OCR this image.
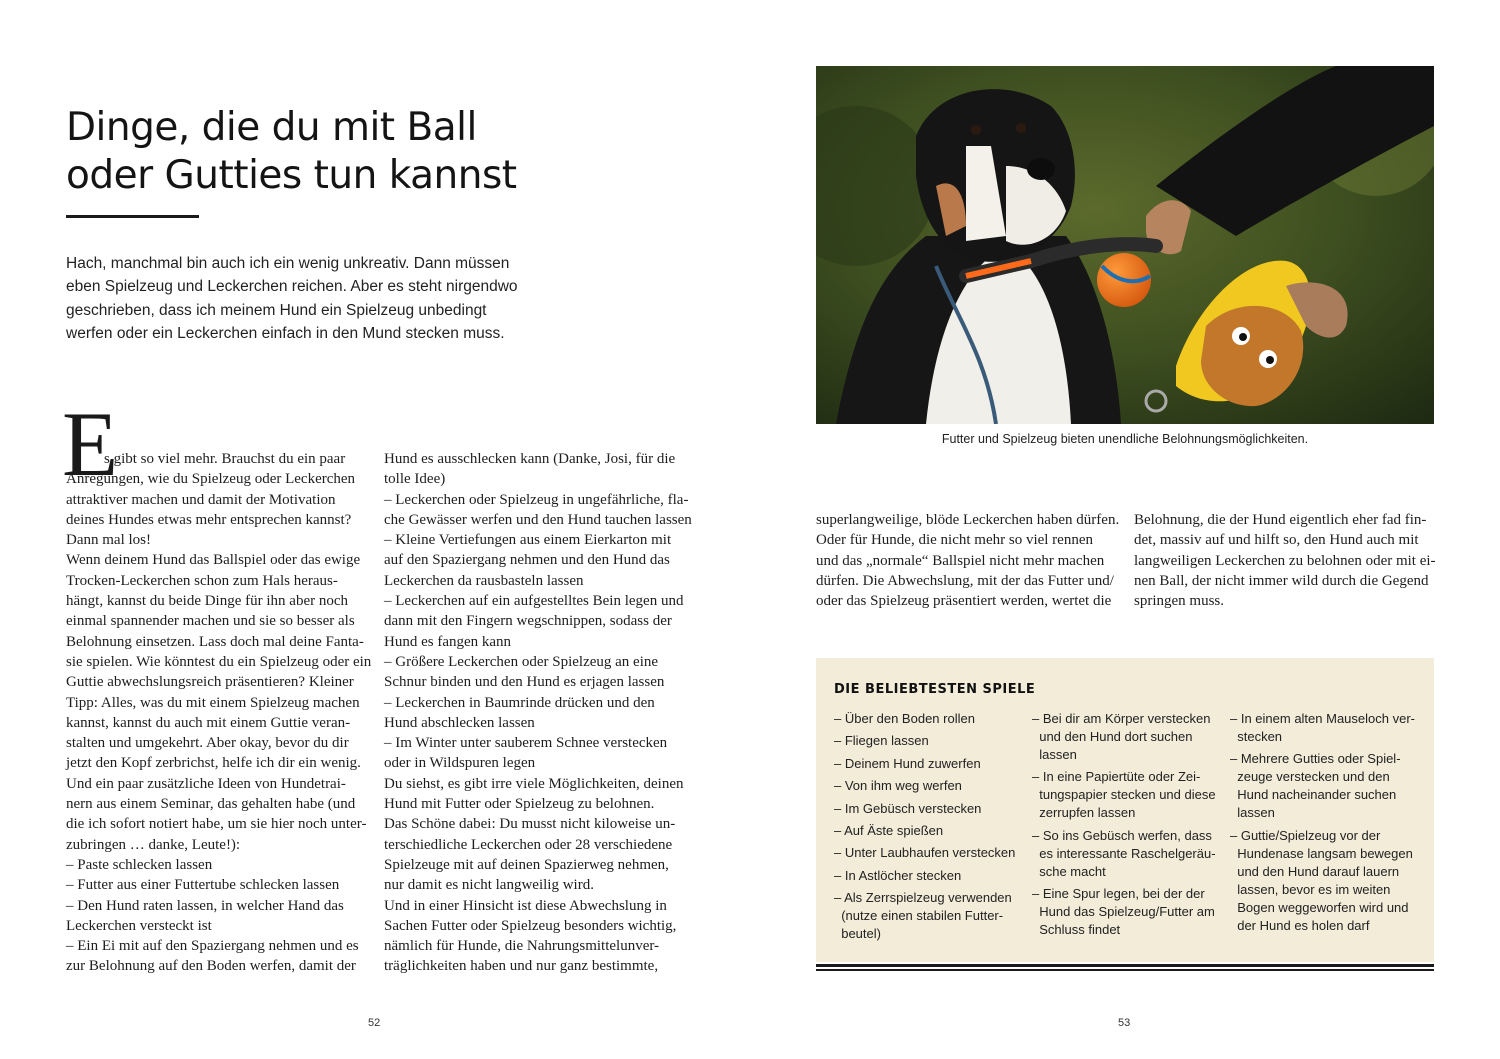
Dinge, die du mit Ball
oder Gutties tun kannst
Hach, manchmal bin auch ich ein wenig unkreativ. Dann müssen
eben Spielzeug und Leckerchen reichen. Aber es steht nirgendwo
geschrieben, dass ich meinem Hund ein Spielzeug unbedingt
werfen oder ein Leckerchen einfach in den Mund stecken muss.
E
s gibt so viel mehr. Brauchst du ein paar
Anregungen, wie du Spielzeug oder Leckerchen
attraktiver machen und damit der Motivation
deines Hundes etwas mehr entsprechen kannst?
Dann mal los!
Wenn deinem Hund das Ballspiel oder das ewige
Trocken-Leckerchen schon zum Hals heraus-
hängt, kannst du beide Dinge für ihn aber noch
einmal spannender machen und sie so besser als
Belohnung einsetzen. Lass doch mal deine Fanta-
sie spielen. Wie könntest du ein Spielzeug oder ein
Guttie abwechslungsreich präsentieren? Kleiner
Tipp: Alles, was du mit einem Spielzeug machen
kannst, kannst du auch mit einem Guttie veran-
stalten und umgekehrt. Aber okay, bevor du dir
jetzt den Kopf zerbrichst, helfe ich dir ein wenig.
Und ein paar zusätzliche Ideen von Hundetrai-
nern aus einem Seminar, das gehalten habe (und
die ich sofort notiert habe, um sie hier noch unter-
zubringen … danke, Leute!):
– Paste schlecken lassen
– Futter aus einer Futtertube schlecken lassen
– Den Hund raten lassen, in welcher Hand das
Leckerchen versteckt ist
– Ein Ei mit auf den Spaziergang nehmen und es
zur Belohnung auf den Boden werfen, damit der
Hund es ausschlecken kann (Danke, Josi, für die
tolle Idee)
– Leckerchen oder Spielzeug in ungefährliche, fla-
che Gewässer werfen und den Hund tauchen lassen
– Kleine Vertiefungen aus einem Eierkarton mit
auf den Spaziergang nehmen und den Hund das
Leckerchen da rausbasteln lassen
– Leckerchen auf ein aufgestelltes Bein legen und
dann mit den Fingern wegschnippen, sodass der
Hund es fangen kann
– Größere Leckerchen oder Spielzeug an eine
Schnur binden und den Hund es erjagen lassen
– Leckerchen in Baumrinde drücken und den
Hund abschlecken lassen
– Im Winter unter sauberem Schnee verstecken
oder in Wildspuren legen
Du siehst, es gibt irre viele Möglichkeiten, deinen
Hund mit Futter oder Spielzeug zu belohnen.
Das Schöne dabei: Du musst nicht kiloweise un-
terschiedliche Leckerchen oder 28 verschiedene
Spielzeuge mit auf deinen Spazierweg nehmen,
nur damit es nicht langweilig wird.
Und in einer Hinsicht ist diese Abwechslung in
Sachen Futter oder Spielzeug besonders wichtig,
nämlich für Hunde, die Nahrungsmittelunver-
träglichkeiten haben und nur ganz bestimmte,
52
Futter und Spielzeug bieten unendliche Belohnungsmöglichkeiten.
superlangweilige, blöde Leckerchen haben dürfen.
Oder für Hunde, die nicht mehr so viel rennen
und das „normale“ Ballspiel nicht mehr machen
dürfen. Die Abwechslung, mit der das Futter und/
oder das Spielzeug präsentiert werden, wertet die
Belohnung, die der Hund eigentlich eher fad fin-
det, massiv auf und hilft so, den Hund auch mit
langweiligen Leckerchen zu belohnen oder mit ei-
nen Ball, der nicht immer wild durch die Gegend
springen muss.
DIE BELIEBTESTEN SPIELE
– Über den Boden rollen
– Fliegen lassen
– Deinem Hund zuwerfen
– Von ihm weg werfen
– Im Gebüsch verstecken
– Auf Äste spießen
– Unter Laubhaufen verstecken
– In Astlöcher stecken
– Als Zerrspielzeug verwenden
(nutze einen stabilen Futter-
beutel)
– Bei dir am Körper verstecken
und den Hund dort suchen
lassen
– In eine Papiertüte oder Zei-
tungspapier stecken und diese
zerrupfen lassen
– So ins Gebüsch werfen, dass
es interessante Raschelgeräu-
sche macht
– Eine Spur legen, bei der der
Hund das Spielzeug/Futter am
Schluss findet
– In einem alten Mauseloch ver-
stecken
– Mehrere Gutties oder Spiel-
zeuge verstecken und den
Hund nacheinander suchen
lassen
– Guttie/Spielzeug vor der
Hundenase langsam bewegen
und den Hund darauf lauern
lassen, bevor es im weiten
Bogen weggeworfen wird und
der Hund es holen darf
53
